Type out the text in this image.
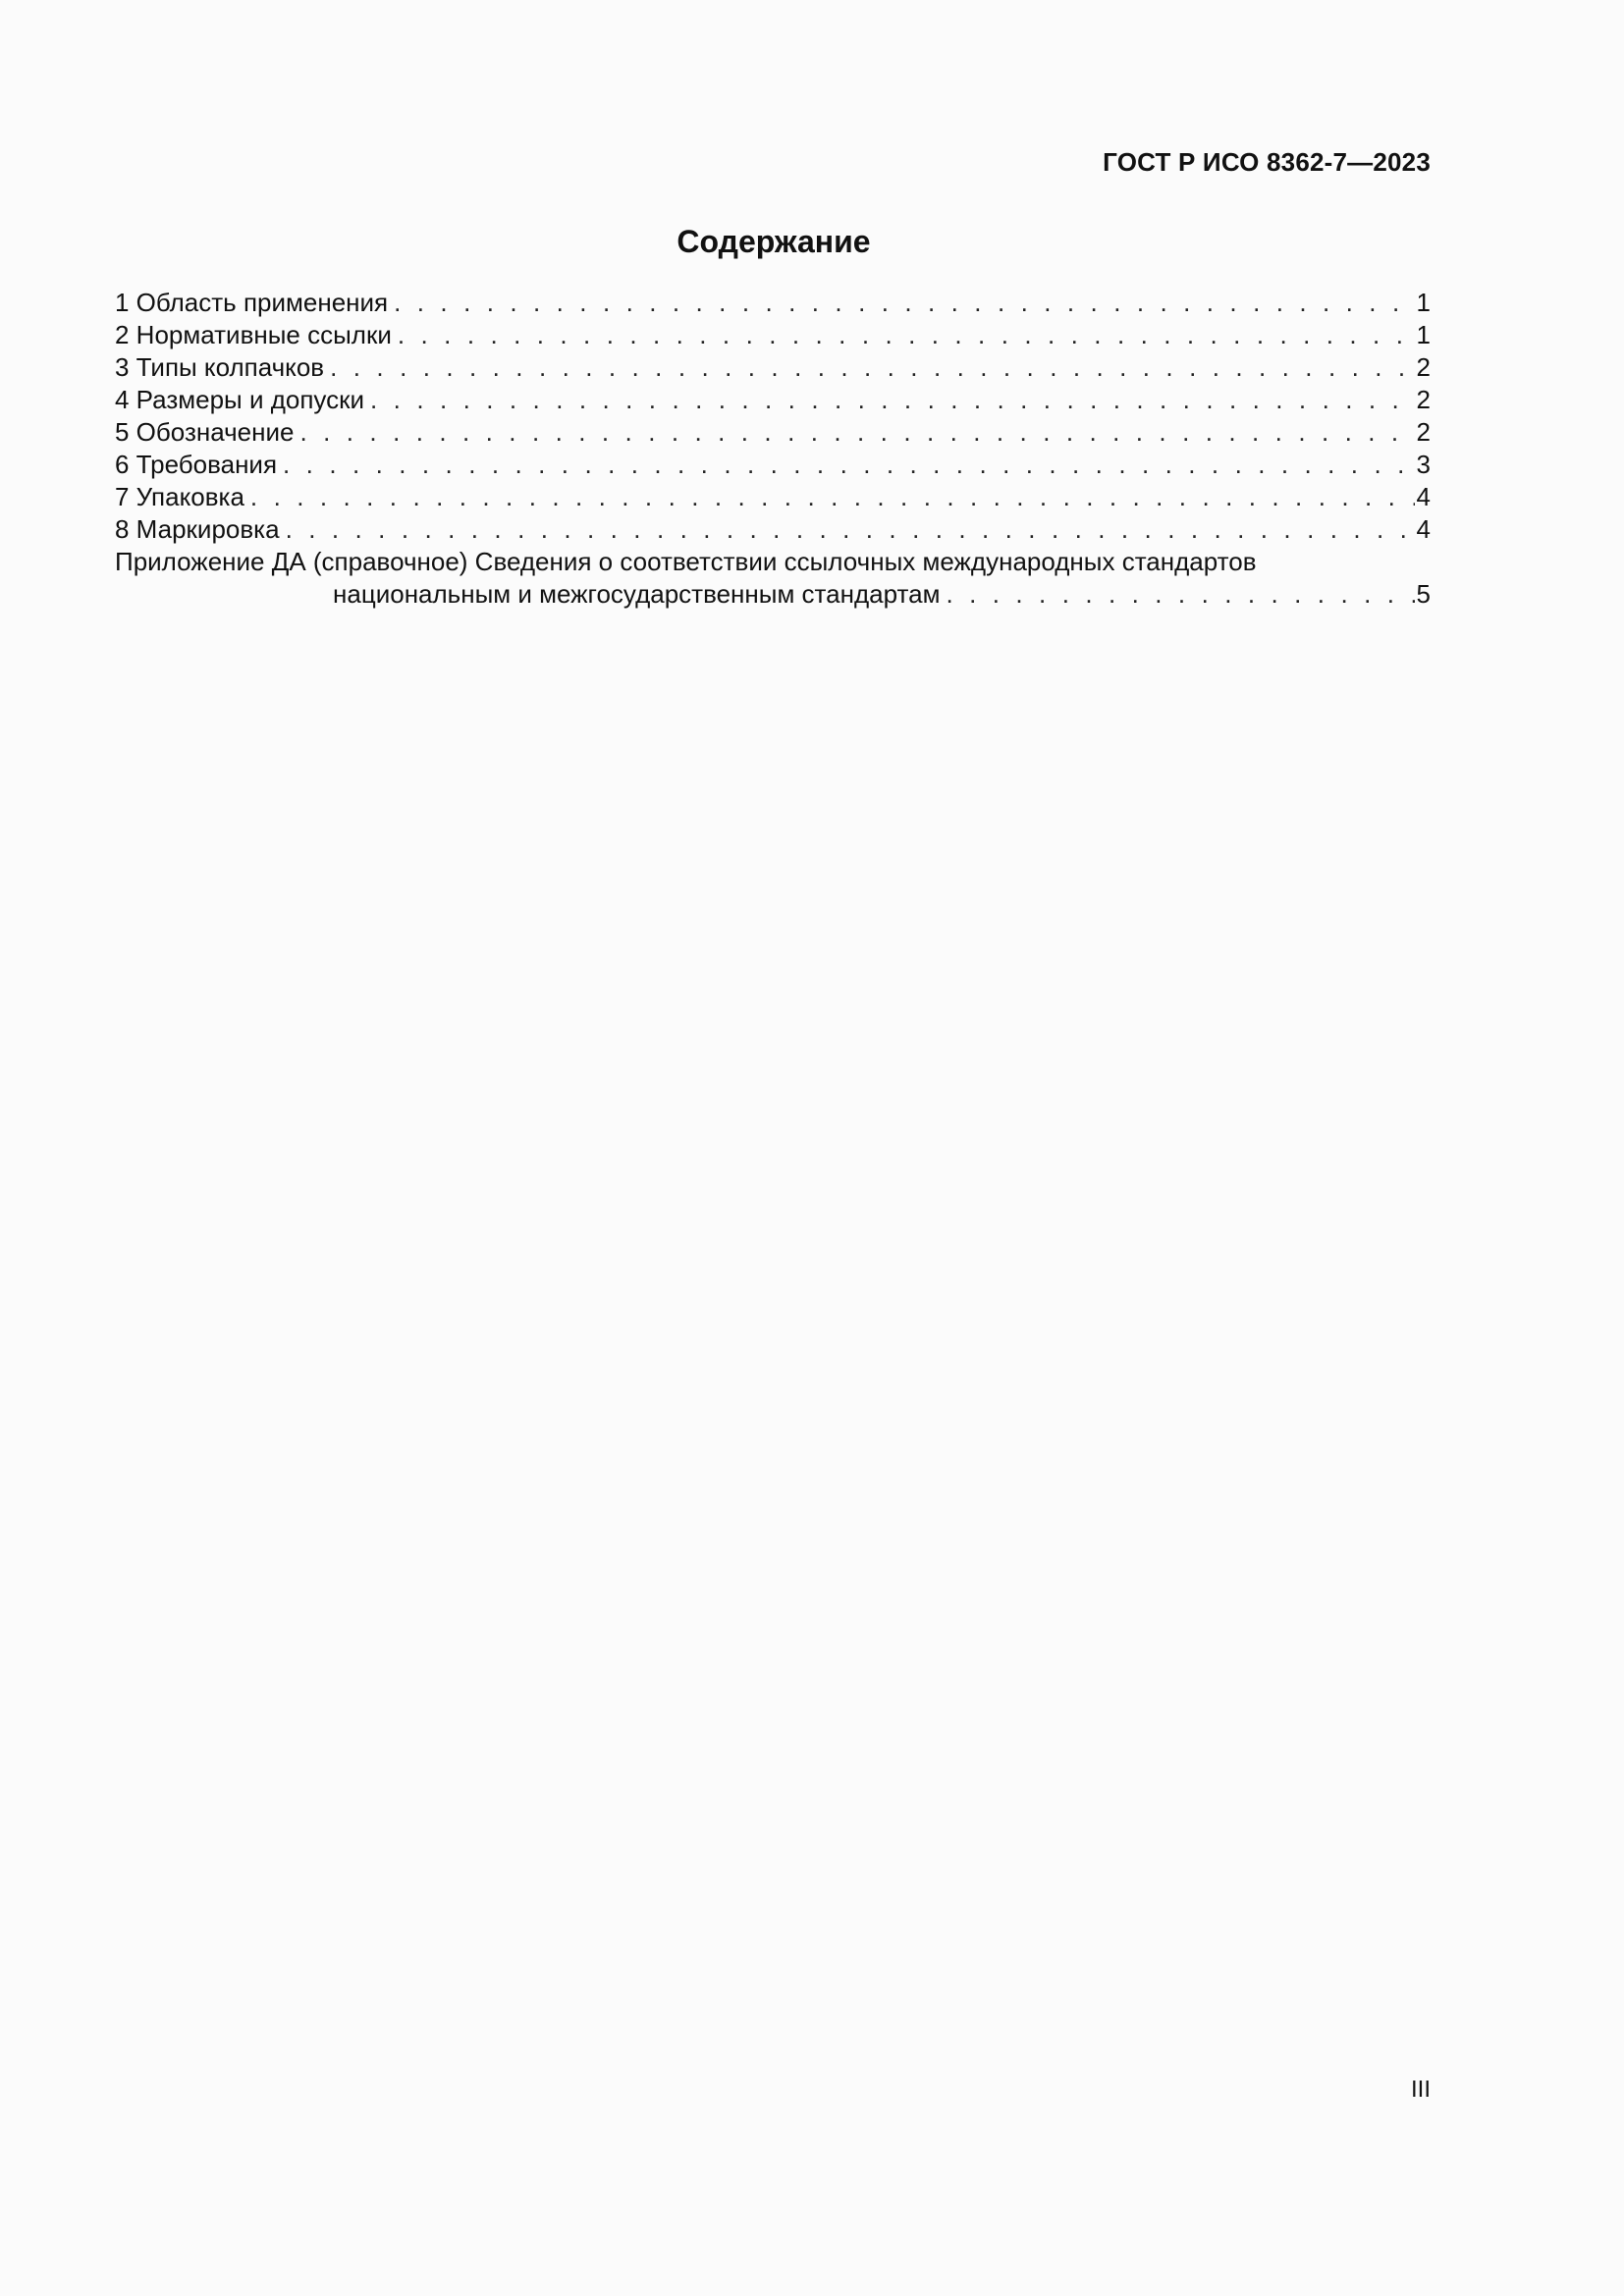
ГОСТ Р ИСО 8362-7—2023
Содержание
1 Область применения . . .	1
2 Нормативные ссылки . . .	1
3 Типы колпачков . . .	2
4 Размеры и допуски . . .	2
5 Обозначение . . .	2
6 Требования . . .	3
7 Упаковка . . .	4
8 Маркировка . . .	4
Приложение ДА (справочное) Сведения о соответствии ссылочных международных стандартов
национальным и межгосударственным стандартам . . .	5
III
